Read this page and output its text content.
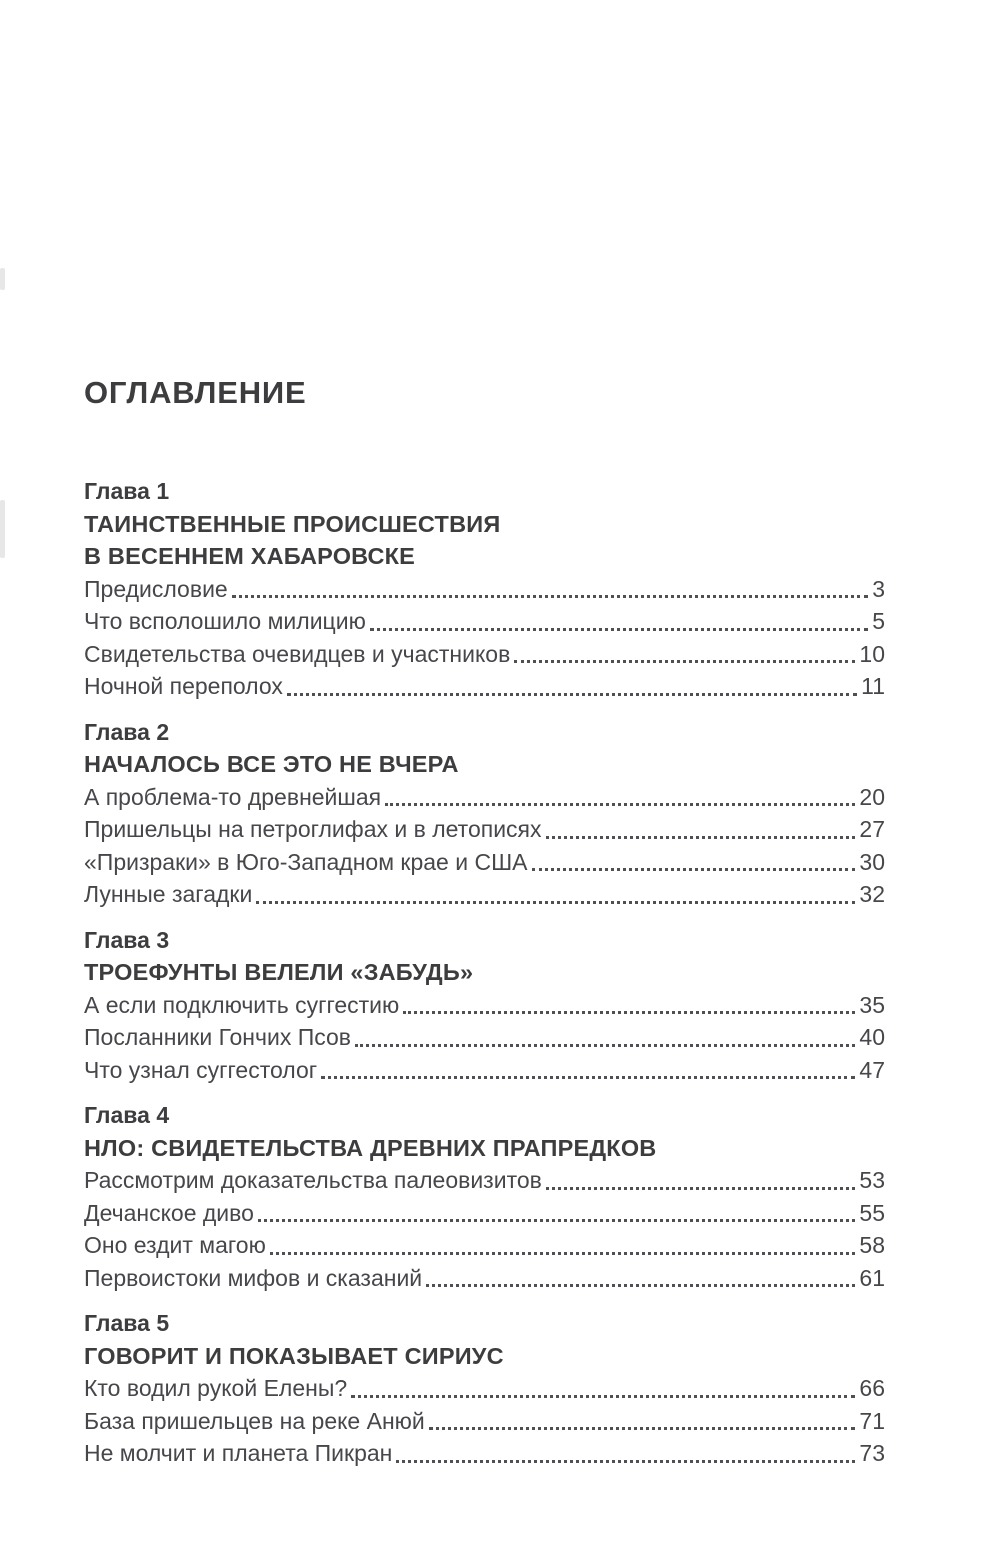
ОГЛАВЛЕНИЕ
Глава 1
ТАИНСТВЕННЫЕ ПРОИСШЕСТВИЯ
В ВЕСЕННЕМ ХАБАРОВСКЕ
Предисловие	3
Что всполошило милицию	5
Свидетельства очевидцев и участников	10
Ночной переполох	11
Глава 2
НАЧАЛОСЬ ВСЕ ЭТО НЕ ВЧЕРА
А проблема-то древнейшая	20
Пришельцы на петроглифах и в летописях	27
«Призраки» в Юго-Западном крае и США	30
Лунные загадки	32
Глава 3
ТРОЕФУНТЫ ВЕЛЕЛИ «ЗАБУДЬ»
А если подключить суггестию	35
Посланники Гончих Псов	40
Что узнал суггестолог	47
Глава 4
НЛО: СВИДЕТЕЛЬСТВА ДРЕВНИХ ПРАПРЕДКОВ
Рассмотрим доказательства палеовизитов	53
Дечанское диво	55
Оно ездит магою	58
Первоистоки мифов и сказаний	61
Глава 5
ГОВОРИТ И ПОКАЗЫВАЕТ СИРИУС
Кто водил рукой Елены?	66
База пришельцев на реке Анюй	71
Не молчит и планета Пикран	73
